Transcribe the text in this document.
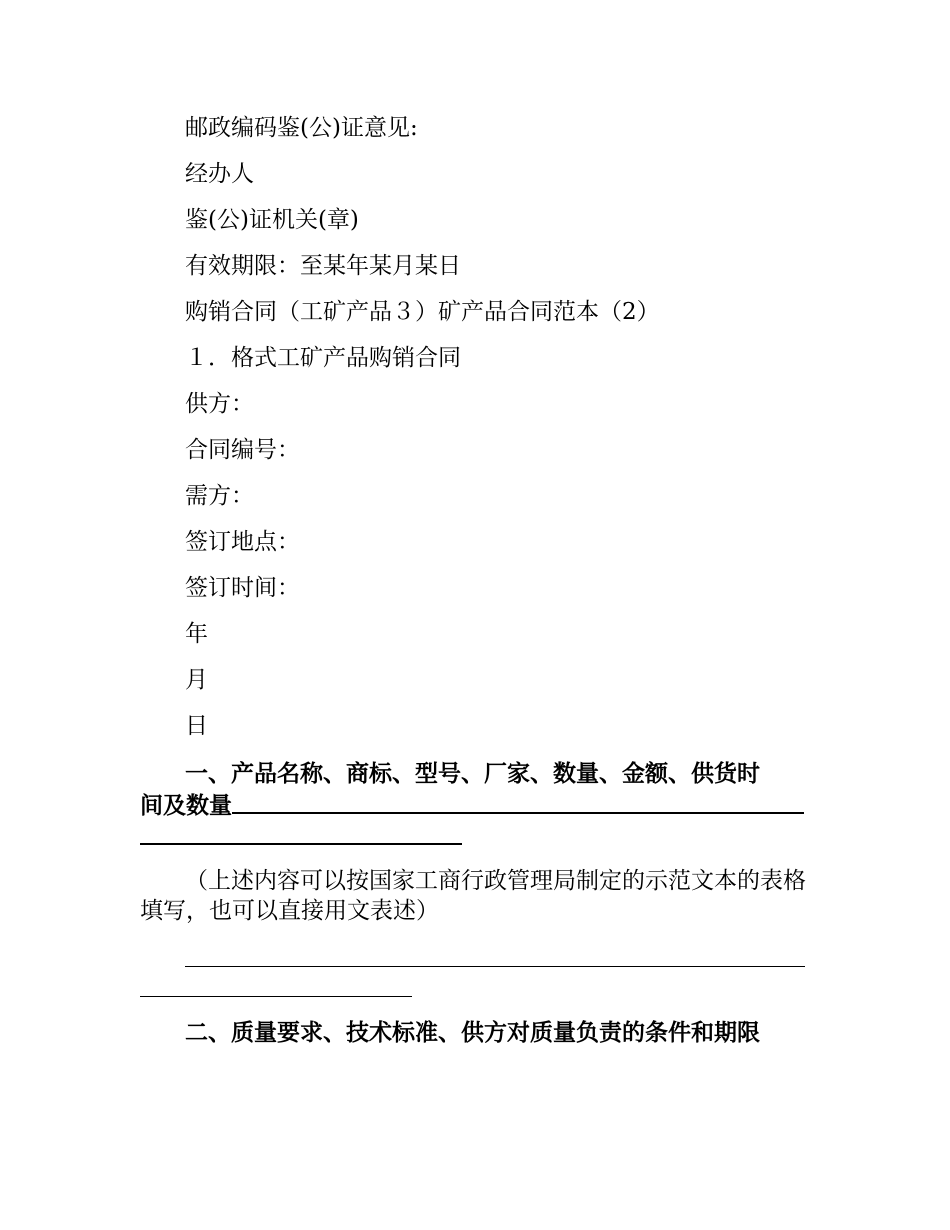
邮政编码鉴(公)证意见:
经办人
鉴(公)证机关(章)
有效期限：至某年某月某日
购销合同（工矿产品３）矿产品合同范本（2）
１．格式工矿产品购销合同
供方：
合同编号：
需方：
签订地点：
签订时间：
年
月
日
一、产品名称、商标、型号、厂家、数量、金额、供货时
间及数量
（上述内容可以按国家工商行政管理局制定的示范文本的表格填写，也可以直接用文表述）
二、质量要求、技术标准、供方对质量负责的条件和期限
